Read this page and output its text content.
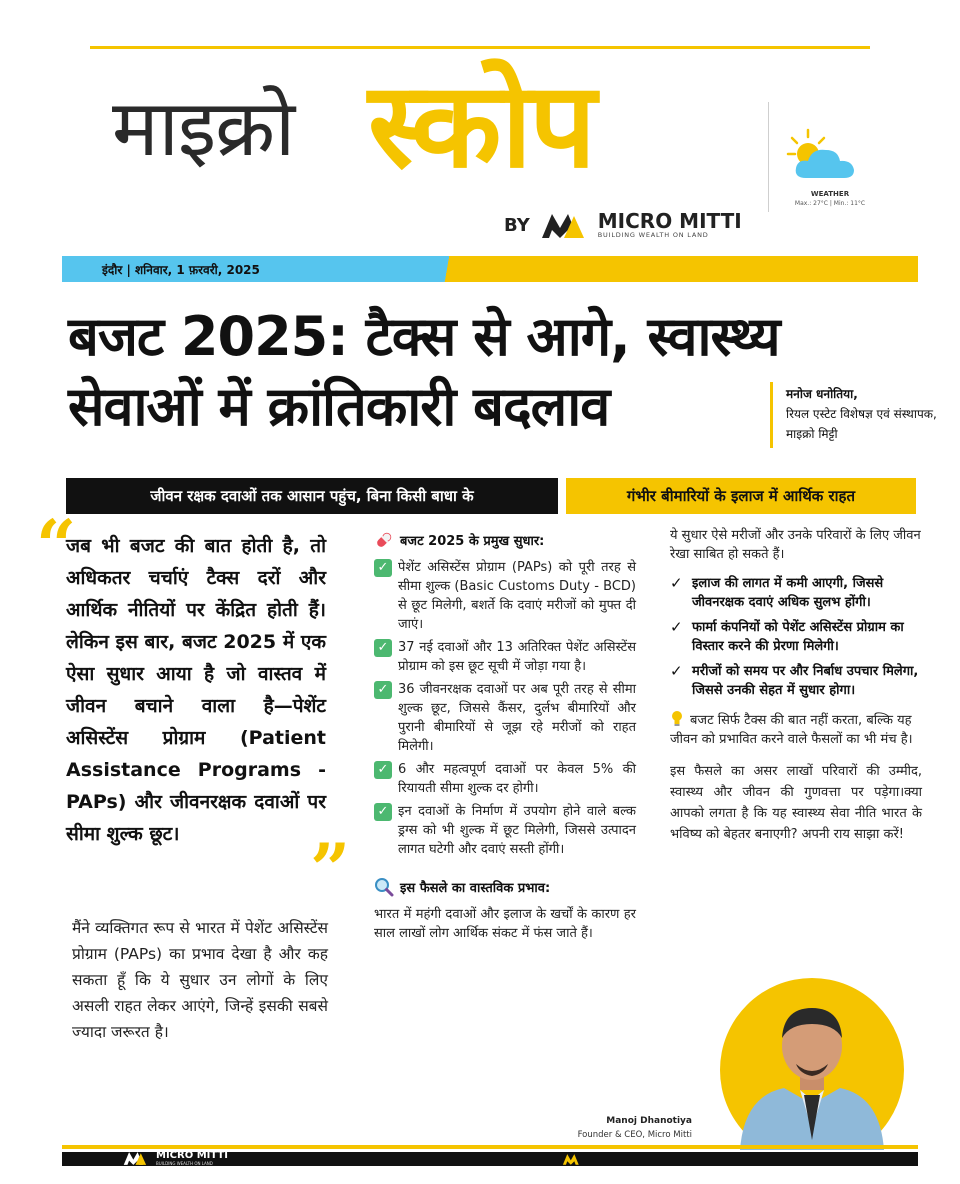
माइक्रो स्कोप	WEATHER
Max.: 27°C | Min.: 11°C
BY	MICRO MITTI
BUILDING WEALTH ON LAND
इंदौर | शनिवार, 1 फ़रवरी, 2025
बजट 2025: टैक्स से आगे, स्वास्थ्य
सेवाओं में क्रांतिकारी बदलाव	मनोज धनोतिया,
रियल एस्टेट विशेषज्ञ एवं संस्थापक, माइक्रो मिट्टी
जीवन रक्षक दवाओं तक आसान पहुंच, बिना किसी बाधा के	गंभीर बीमारियों के इलाज में आर्थिक राहत
“
जब भी बजट की बात होती है, तो अधिकतर चर्चाएं टैक्स दरों और आर्थिक नीतियों पर केंद्रित होती हैं। लेकिन इस बार, बजट 2025 में एक ऐसा सुधार आया है जो वास्तव में जीवन बचाने वाला है—पेशेंट असिस्टेंस प्रोग्राम (Patient Assistance Programs - PAPs) और जीवनरक्षक दवाओं पर सीमा शुल्क छूट।	”
मैंने व्यक्तिगत रूप से भारत में पेशेंट असिस्टेंस प्रोग्राम (PAPs) का प्रभाव देखा है और कह सकता हूँ कि ये सुधार उन लोगों के लिए असली राहत लेकर आएंगे, जिन्हें इसकी सबसे ज्यादा जरूरत है।
बजट 2025 के प्रमुख सुधार:
✓ पेशेंट असिस्टेंस प्रोग्राम (PAPs) को पूरी तरह से सीमा शुल्क (Basic Customs Duty - BCD) से छूट मिलेगी, बशर्ते कि दवाएं मरीजों को मुफ्त दी जाएं।
✓ 37 नई दवाओं और 13 अतिरिक्त पेशेंट असिस्टेंस प्रोग्राम को इस छूट सूची में जोड़ा गया है।
✓ 36 जीवनरक्षक दवाओं पर अब पूरी तरह से सीमा शुल्क छूट, जिससे कैंसर, दुर्लभ बीमारियों और पुरानी बीमारियों से जूझ रहे मरीजों को राहत मिलेगी।
✓ 6 और महत्वपूर्ण दवाओं पर केवल 5% की रियायती सीमा शुल्क दर होगी।
✓ इन दवाओं के निर्माण में उपयोग होने वाले बल्क ड्रग्स को भी शुल्क में छूट मिलेगी, जिससे उत्पादन लागत घटेगी और दवाएं सस्ती होंगी।
इस फैसले का वास्तविक प्रभाव:
भारत में महंगी दवाओं और इलाज के खर्चों के कारण हर साल लाखों लोग आर्थिक संकट में फंस जाते हैं।
ये सुधार ऐसे मरीजों और उनके परिवारों के लिए जीवन रेखा साबित हो सकते हैं।
✓ इलाज की लागत में कमी आएगी, जिससे जीवनरक्षक दवाएं अधिक सुलभ होंगी।
✓ फार्मा कंपनियों को पेशेंट असिस्टेंस प्रोग्राम का विस्तार करने की प्रेरणा मिलेगी।
✓ मरीजों को समय पर और निर्बाध उपचार मिलेगा, जिससे उनकी सेहत में सुधार होगा।
बजट सिर्फ टैक्स की बात नहीं करता, बल्कि यह जीवन को प्रभावित करने वाले फैसलों का भी मंच है।
इस फैसले का असर लाखों परिवारों की उम्मीद, स्वास्थ्य और जीवन की गुणवत्ता पर पड़ेगा।क्या आपको लगता है कि यह स्वास्थ्य सेवा नीति भारत के भविष्य को बेहतर बनाएगी? अपनी राय साझा करें!
Manoj Dhanotiya
Founder & CEO, Micro Mitti
MICRO MITTI
BUILDING WEALTH ON LAND
